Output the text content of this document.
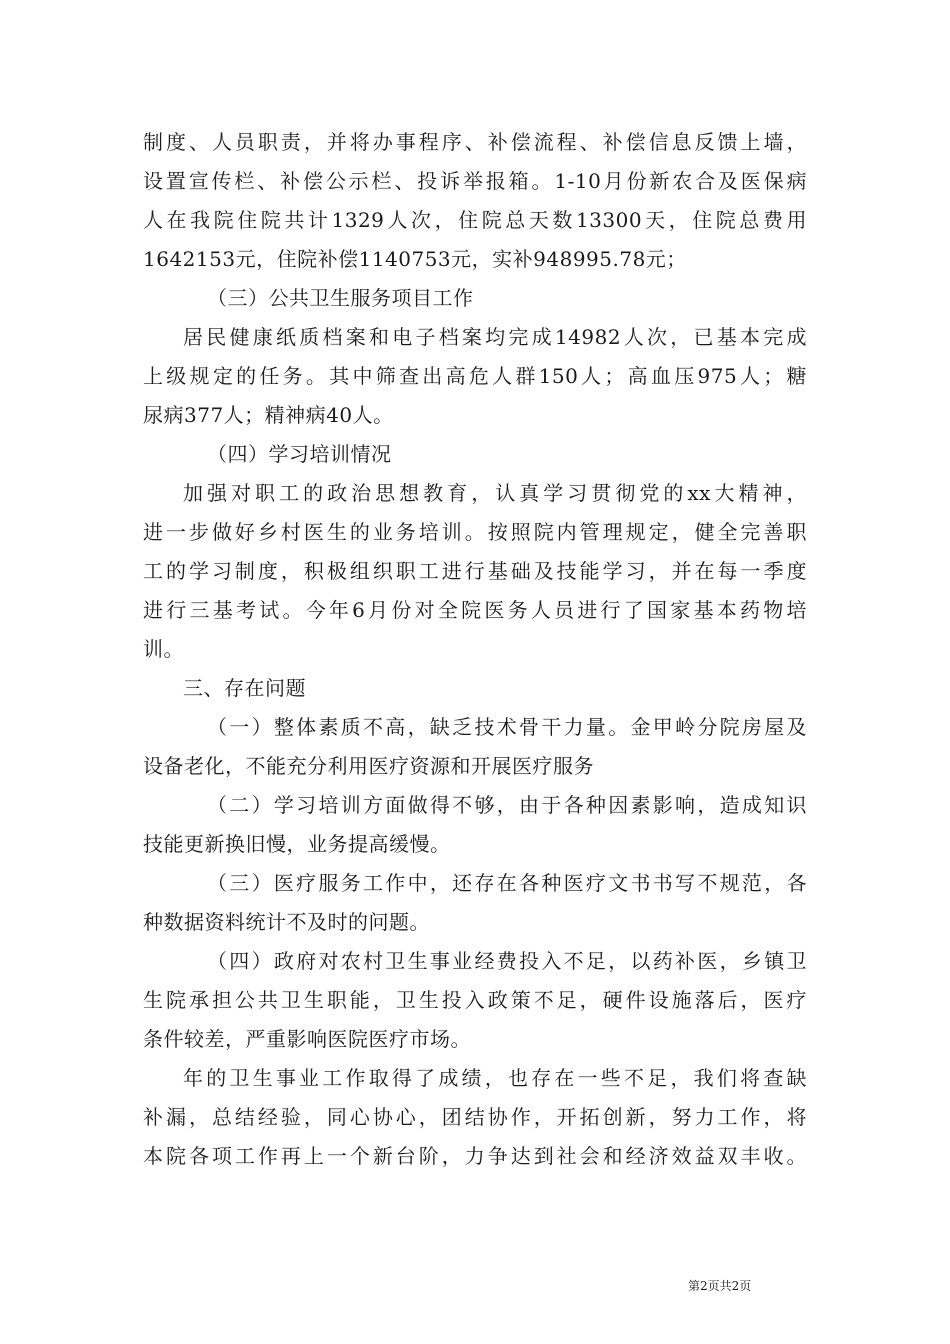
制度、人员职责，并将办事程序、补偿流程、补偿信息反馈上墙，
设置宣传栏、补偿公示栏、投诉举报箱。1-10月份新农合及医保病
人在我院住院共计1329人次，住院总天数13300天，住院总费用
1642153元，住院补偿1140753元，实补948995.78元；
（三）公共卫生服务项目工作
居民健康纸质档案和电子档案均完成14982人次，已基本完成
上级规定的任务。其中筛查出高危人群150人；高血压975人；糖
尿病377人；精神病40人。
（四）学习培训情况
加强对职工的政治思想教育，认真学习贯彻党的xx大精神，
进一步做好乡村医生的业务培训。按照院内管理规定，健全完善职
工的学习制度，积极组织职工进行基础及技能学习，并在每一季度
进行三基考试。今年6月份对全院医务人员进行了国家基本药物培
训。
三、存在问题
（一）整体素质不高，缺乏技术骨干力量。金甲岭分院房屋及
设备老化，不能充分利用医疗资源和开展医疗服务
（二）学习培训方面做得不够，由于各种因素影响，造成知识
技能更新换旧慢，业务提高缓慢。
（三）医疗服务工作中，还存在各种医疗文书书写不规范，各
种数据资料统计不及时的问题。
（四）政府对农村卫生事业经费投入不足，以药补医，乡镇卫
生院承担公共卫生职能，卫生投入政策不足，硬件设施落后，医疗
条件较差，严重影响医院医疗市场。
年的卫生事业工作取得了成绩，也存在一些不足，我们将查缺
补漏，总结经验，同心协心，团结协作，开拓创新，努力工作，将
本院各项工作再上一个新台阶，力争达到社会和经济效益双丰收。
第2页共2页
